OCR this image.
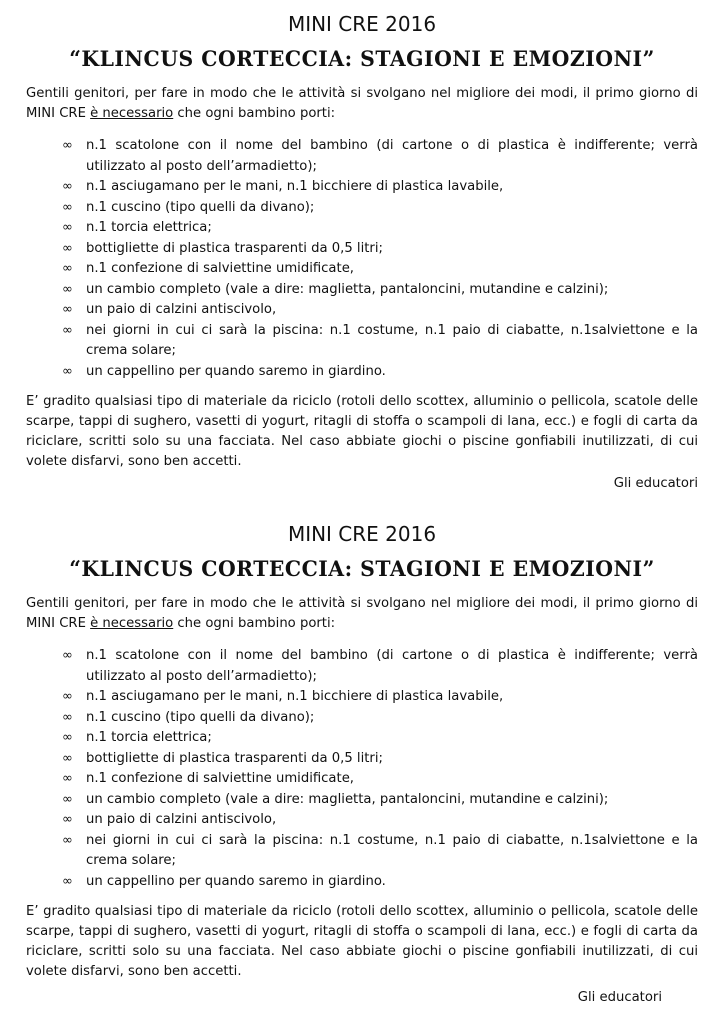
MINI CRE 2016
“KLINCUS CORTECCIA: STAGIONI E EMOZIONI”

Gentili genitori, per fare in modo che le attività si svolgano nel migliore dei modi, il primo giorno di MINI CRE è necessario che ogni bambino porti:

∞ n.1 scatolone con il nome del bambino (di cartone o di plastica è indifferente; verrà utilizzato al posto dell’armadietto);
∞ n.1 asciugamano per le mani, n.1 bicchiere di plastica lavabile,
∞ n.1 cuscino (tipo quelli da divano);
∞ n.1 torcia elettrica;
∞ bottigliette di plastica trasparenti da 0,5 litri;
∞ n.1 confezione di salviettine umidificate,
∞ un cambio completo (vale a dire: maglietta, pantaloncini, mutandine e calzini);
∞ un paio di calzini antiscivolo,
∞ nei giorni in cui ci sarà la piscina: n.1 costume, n.1 paio di ciabatte, n.1salviettone e la crema solare;
∞ un cappellino per quando saremo in giardino.

E’ gradito qualsiasi tipo di materiale da riciclo (rotoli dello scottex, alluminio o pellicola, scatole delle scarpe, tappi di sughero, vasetti di yogurt, ritagli di stoffa o scampoli di lana, ecc.) e fogli di carta da riciclare, scritti solo su una facciata. Nel caso abbiate giochi o piscine gonfiabili inutilizzati, di cui volete disfarvi, sono ben accetti.

Gli educatori

MINI CRE 2016
“KLINCUS CORTECCIA: STAGIONI E EMOZIONI”

Gentili genitori, per fare in modo che le attività si svolgano nel migliore dei modi, il primo giorno di MINI CRE è necessario che ogni bambino porti:

∞ n.1 scatolone con il nome del bambino (di cartone o di plastica è indifferente; verrà utilizzato al posto dell’armadietto);
∞ n.1 asciugamano per le mani, n.1 bicchiere di plastica lavabile,
∞ n.1 cuscino (tipo quelli da divano);
∞ n.1 torcia elettrica;
∞ bottigliette di plastica trasparenti da 0,5 litri;
∞ n.1 confezione di salviettine umidificate,
∞ un cambio completo (vale a dire: maglietta, pantaloncini, mutandine e calzini);
∞ un paio di calzini antiscivolo,
∞ nei giorni in cui ci sarà la piscina: n.1 costume, n.1 paio di ciabatte, n.1salviettone e la crema solare;
∞ un cappellino per quando saremo in giardino.

E’ gradito qualsiasi tipo di materiale da riciclo (rotoli dello scottex, alluminio o pellicola, scatole delle scarpe, tappi di sughero, vasetti di yogurt, ritagli di stoffa o scampoli di lana, ecc.) e fogli di carta da riciclare, scritti solo su una facciata. Nel caso abbiate giochi o piscine gonfiabili inutilizzati, di cui volete disfarvi, sono ben accetti.

Gli educatori
